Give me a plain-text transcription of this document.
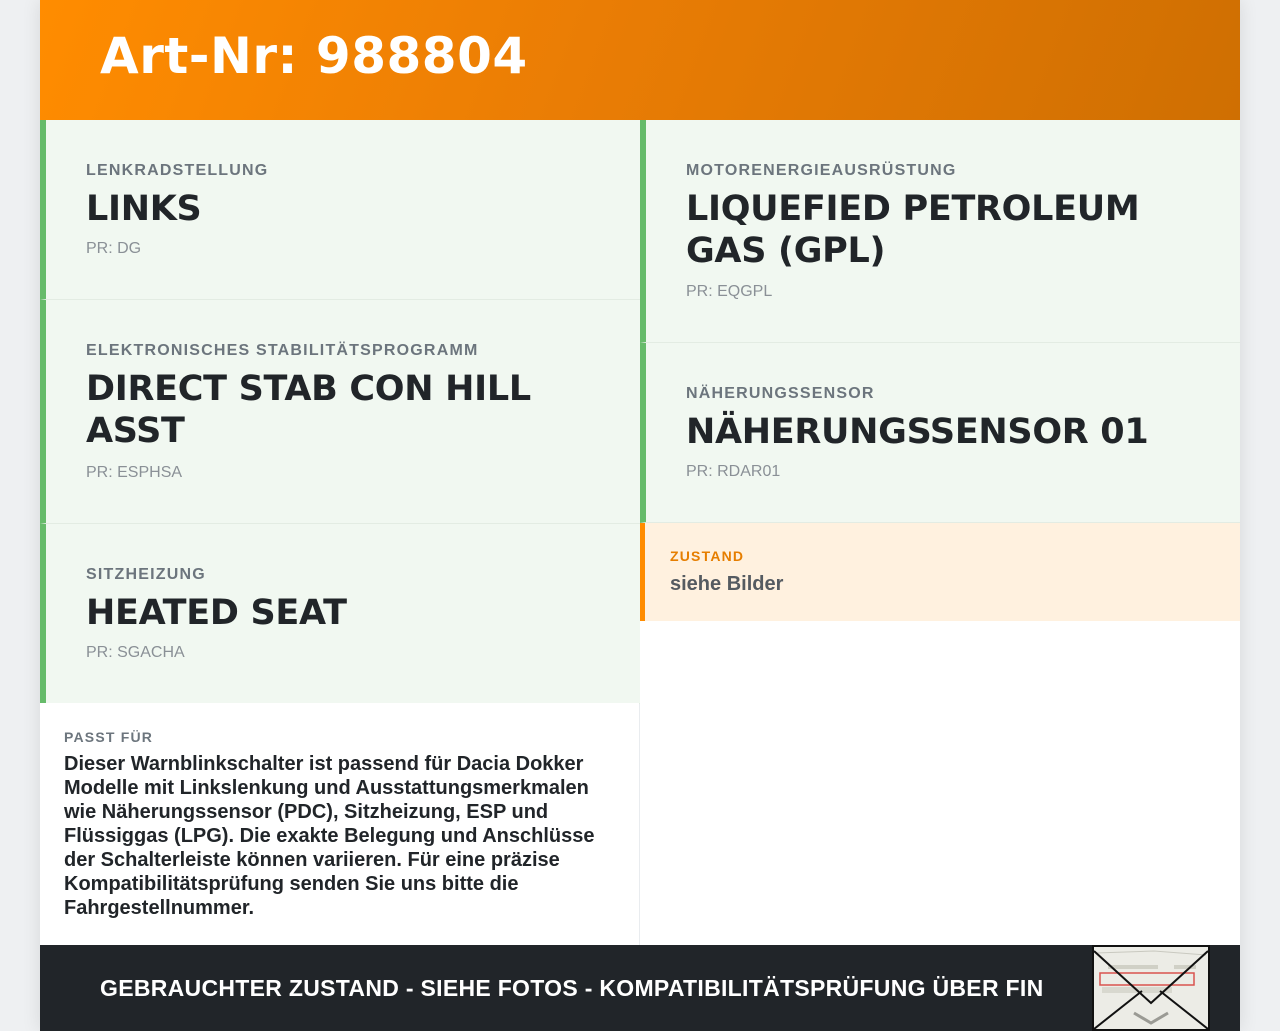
Art-Nr: 988804
LENKRADSTELLUNG
LINKS
PR: DG
ELEKTRONISCHES STABILITÄTSPROGRAMM
DIRECT STAB CON HILL ASST
PR: ESPHSA
SITZHEIZUNG
HEATED SEAT
PR: SGACHA
PASST FÜR
Dieser Warnblinkschalter ist passend für Dacia Dokker Modelle mit Linkslenkung und Ausstattungsmerkmalen wie Näherungssensor (PDC), Sitzheizung, ESP und Flüssiggas (LPG). Die exakte Belegung und Anschlüsse der Schalterleiste können variieren. Für eine präzise Kompatibilitätsprüfung senden Sie uns bitte die Fahrgestellnummer.
MOTORENERGIEAUSRÜSTUNG
LIQUEFIED PETROLEUM GAS (GPL)
PR: EQGPL
NÄHERUNGSSENSOR
NÄHERUNGSSENSOR 01
PR: RDAR01
ZUSTAND
siehe Bilder
GEBRAUCHTER ZUSTAND - SIEHE FOTOS - KOMPATIBILITÄTSPRÜFUNG ÜBER FIN
